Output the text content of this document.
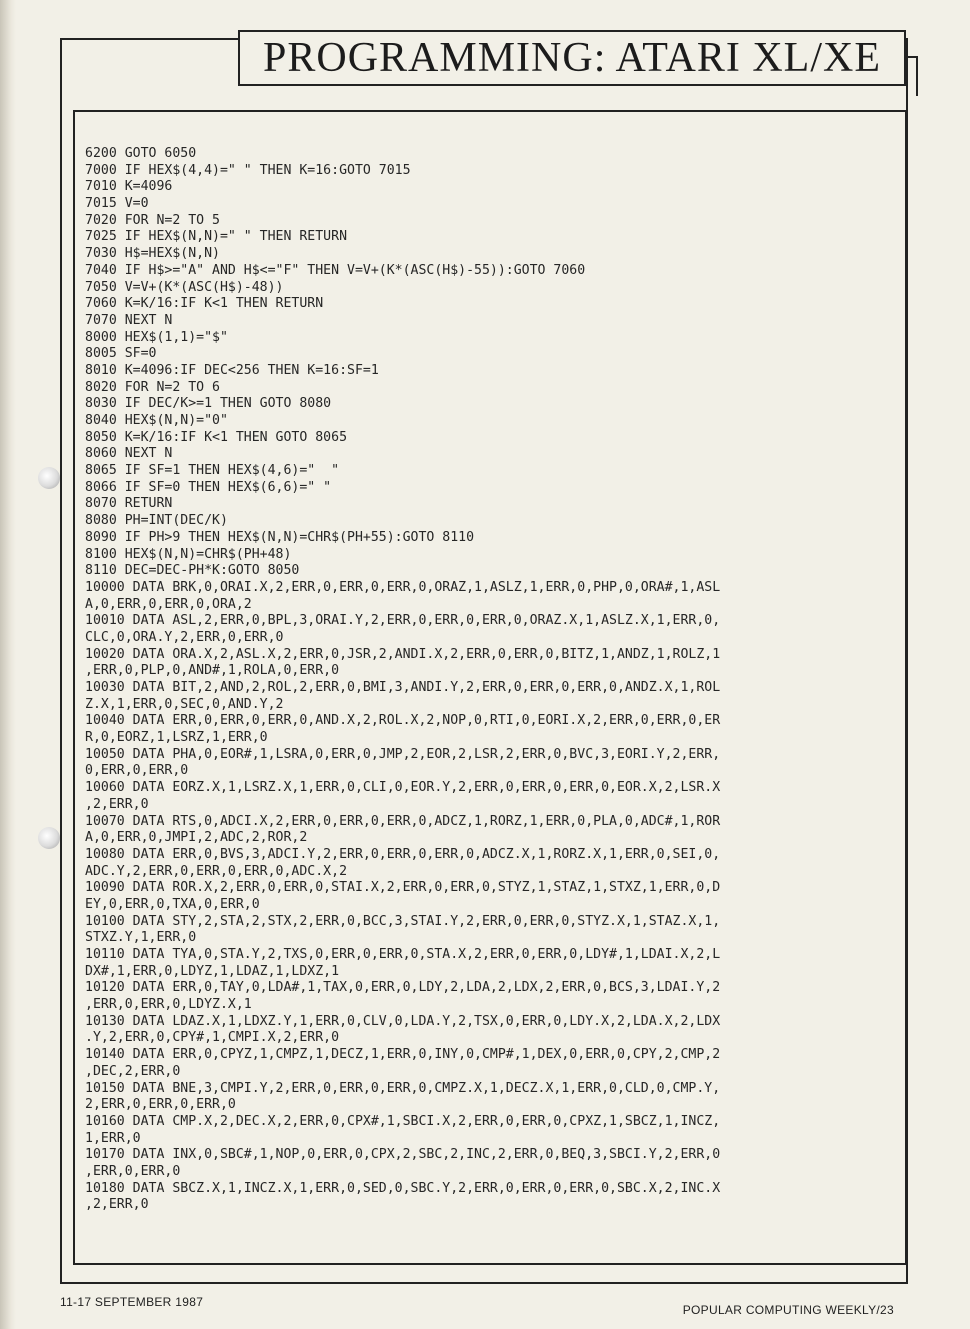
PROGRAMMING: ATARI XL/XE
6200 GOTO 6050
7000 IF HEX$(4,4)=" " THEN K=16:GOTO 7015
7010 K=4096
7015 V=0
7020 FOR N=2 TO 5
7025 IF HEX$(N,N)=" " THEN RETURN
7030 H$=HEX$(N,N)
7040 IF H$>="A" AND H$<="F" THEN V=V+(K*(ASC(H$)-55)):GOTO 7060
7050 V=V+(K*(ASC(H$)-48))
7060 K=K/16:IF K<1 THEN RETURN
7070 NEXT N
8000 HEX$(1,1)="$"
8005 SF=0
8010 K=4096:IF DEC<256 THEN K=16:SF=1
8020 FOR N=2 TO 6
8030 IF DEC/K>=1 THEN GOTO 8080
8040 HEX$(N,N)="0"
8050 K=K/16:IF K<1 THEN GOTO 8065
8060 NEXT N
8065 IF SF=1 THEN HEX$(4,6)="  "
8066 IF SF=0 THEN HEX$(6,6)=" "
8070 RETURN
8080 PH=INT(DEC/K)
8090 IF PH>9 THEN HEX$(N,N)=CHR$(PH+55):GOTO 8110
8100 HEX$(N,N)=CHR$(PH+48)
8110 DEC=DEC-PH*K:GOTO 8050
10000 DATA BRK,0,ORAI.X,2,ERR,0,ERR,0,ERR,0,ORAZ,1,ASLZ,1,ERR,0,PHP,0,ORA#,1,ASL
A,0,ERR,0,ERR,0,ORA,2
10010 DATA ASL,2,ERR,0,BPL,3,ORAI.Y,2,ERR,0,ERR,0,ERR,0,ORAZ.X,1,ASLZ.X,1,ERR,0,
CLC,0,ORA.Y,2,ERR,0,ERR,0
10020 DATA ORA.X,2,ASL.X,2,ERR,0,JSR,2,ANDI.X,2,ERR,0,ERR,0,BITZ,1,ANDZ,1,ROLZ,1
,ERR,0,PLP,0,AND#,1,ROLA,0,ERR,0
10030 DATA BIT,2,AND,2,ROL,2,ERR,0,BMI,3,ANDI.Y,2,ERR,0,ERR,0,ERR,0,ANDZ.X,1,ROL
Z.X,1,ERR,0,SEC,0,AND.Y,2
10040 DATA ERR,0,ERR,0,ERR,0,AND.X,2,ROL.X,2,NOP,0,RTI,0,EORI.X,2,ERR,0,ERR,0,ER
R,0,EORZ,1,LSRZ,1,ERR,0
10050 DATA PHA,0,EOR#,1,LSRA,0,ERR,0,JMP,2,EOR,2,LSR,2,ERR,0,BVC,3,EORI.Y,2,ERR,
0,ERR,0,ERR,0
10060 DATA EORZ.X,1,LSRZ.X,1,ERR,0,CLI,0,EOR.Y,2,ERR,0,ERR,0,ERR,0,EOR.X,2,LSR.X
,2,ERR,0
10070 DATA RTS,0,ADCI.X,2,ERR,0,ERR,0,ERR,0,ADCZ,1,RORZ,1,ERR,0,PLA,0,ADC#,1,ROR
A,0,ERR,0,JMPI,2,ADC,2,ROR,2
10080 DATA ERR,0,BVS,3,ADCI.Y,2,ERR,0,ERR,0,ERR,0,ADCZ.X,1,RORZ.X,1,ERR,0,SEI,0,
ADC.Y,2,ERR,0,ERR,0,ERR,0,ADC.X,2
10090 DATA ROR.X,2,ERR,0,ERR,0,STAI.X,2,ERR,0,ERR,0,STYZ,1,STAZ,1,STXZ,1,ERR,0,D
EY,0,ERR,0,TXA,0,ERR,0
10100 DATA STY,2,STA,2,STX,2,ERR,0,BCC,3,STAI.Y,2,ERR,0,ERR,0,STYZ.X,1,STAZ.X,1,
STXZ.Y,1,ERR,0
10110 DATA TYA,0,STA.Y,2,TXS,0,ERR,0,ERR,0,STA.X,2,ERR,0,ERR,0,LDY#,1,LDAI.X,2,L
DX#,1,ERR,0,LDYZ,1,LDAZ,1,LDXZ,1
10120 DATA ERR,0,TAY,0,LDA#,1,TAX,0,ERR,0,LDY,2,LDA,2,LDX,2,ERR,0,BCS,3,LDAI.Y,2
,ERR,0,ERR,0,LDYZ.X,1
10130 DATA LDAZ.X,1,LDXZ.Y,1,ERR,0,CLV,0,LDA.Y,2,TSX,0,ERR,0,LDY.X,2,LDA.X,2,LDX
.Y,2,ERR,0,CPY#,1,CMPI.X,2,ERR,0
10140 DATA ERR,0,CPYZ,1,CMPZ,1,DECZ,1,ERR,0,INY,0,CMP#,1,DEX,0,ERR,0,CPY,2,CMP,2
,DEC,2,ERR,0
10150 DATA BNE,3,CMPI.Y,2,ERR,0,ERR,0,ERR,0,CMPZ.X,1,DECZ.X,1,ERR,0,CLD,0,CMP.Y,
2,ERR,0,ERR,0,ERR,0
10160 DATA CMP.X,2,DEC.X,2,ERR,0,CPX#,1,SBCI.X,2,ERR,0,ERR,0,CPXZ,1,SBCZ,1,INCZ,
1,ERR,0
10170 DATA INX,0,SBC#,1,NOP,0,ERR,0,CPX,2,SBC,2,INC,2,ERR,0,BEQ,3,SBCI.Y,2,ERR,0
,ERR,0,ERR,0
10180 DATA SBCZ.X,1,INCZ.X,1,ERR,0,SED,0,SBC.Y,2,ERR,0,ERR,0,ERR,0,SBC.X,2,INC.X
,2,ERR,0
11-17 SEPTEMBER 1987
POPULAR COMPUTING WEEKLY/23
